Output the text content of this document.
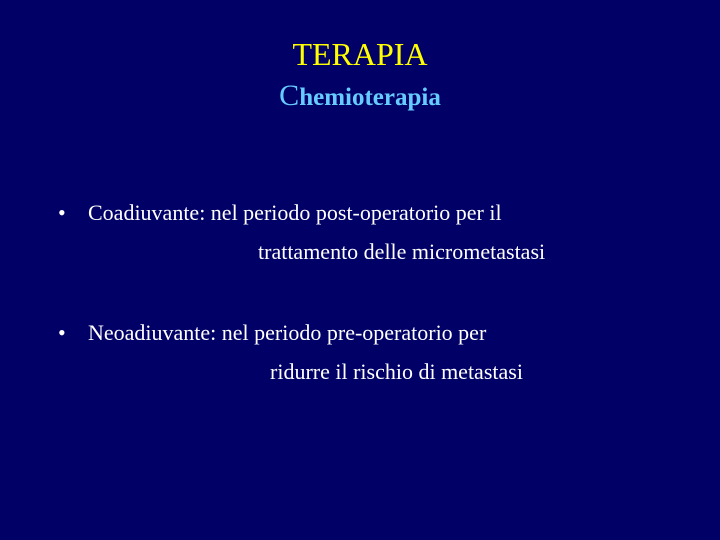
TERAPIA
Chemioterapia
• Coadiuvante: nel periodo post-operatorio per il
trattamento delle micrometastasi
• Neoadiuvante: nel periodo pre-operatorio per
ridurre il rischio di metastasi
